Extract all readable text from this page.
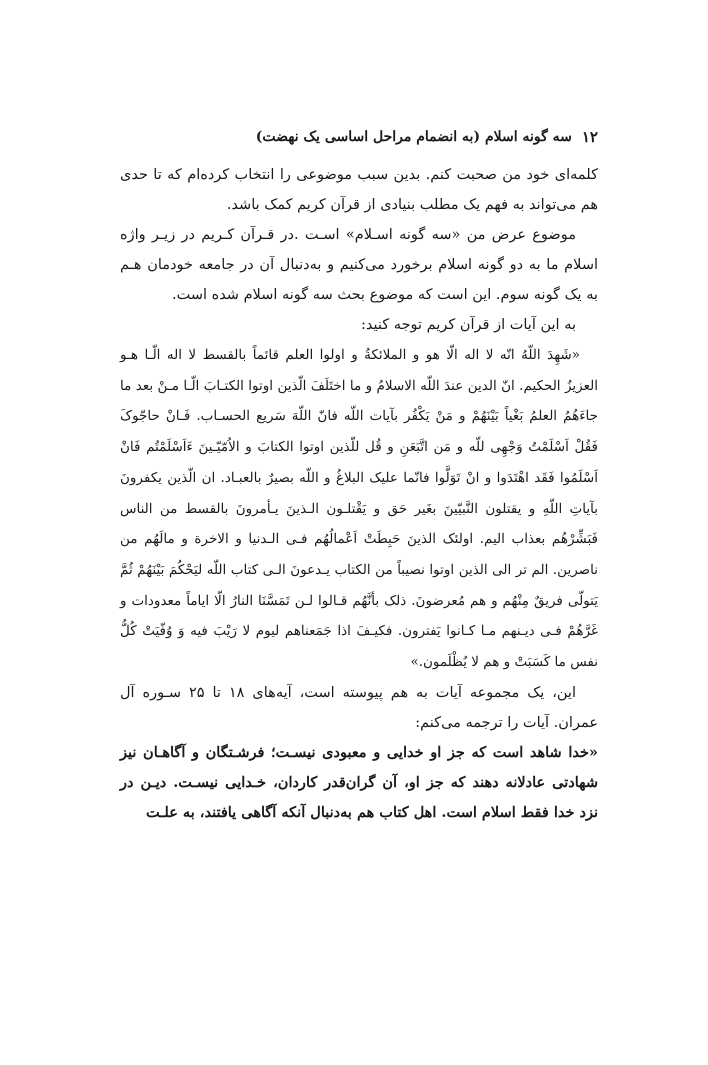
۱۲
سه گونه اسلام (به انضمام مراحل اساسی یک نهضت)

کلمه‌ای خود من صحبت کنم. بدین سبب موضوعی را انتخاب کرده‌ام که تا حدی هم می‌تواند به فهم یک مطلب بنیادی از قرآن کریم کمک باشد.

موضوع عرض من «سه گونه اسـلام» اسـت .در قـرآن کـریم در زیـر واژه اسلام ما به دو گونه اسلام برخورد می‌کنیم و به‌دنبال آن در جامعه خودمان هـم به یک گونه سوم. این است که موضوع بحث سه گونه اسلام شده است.

به این آیات از قرآن کریم توجه کنید:

«شَهِدَ اللّهُ انّه لا اله الّا هو و الملائکةُ و اولوا العلم قائماً بالقسط لا اله الّـا هـو العزیزُ الحکیم. انّ الدین عندَ اللّه الاسلامُ و ما اختَلَفَ الّذین اوتوا الکتـابَ الّـا مـنْ بعد ما جاءَهُمُ العلمُ بَغْیاً بَیْنَهُمْ و مَنْ یَکْفُر بآیات اللّه فانّ اللّهَ سَریع الحسـاب. فَـانْ حاجّوکَ فَقُلْ اَسْلَمْتُ وَجْهِی للّه و مَن اتَّبَعَنِ و قُل للّذین اوتوا الکتابَ و الاُمّیّـینَ ءَاَسْلَمْتُم فَانْ اَسْلَمُوا فَقَد اهْتَدَوا و انْ تَوَلَّوا فانّما علیک البلاغُ و اللّه بصیرٌ بالعبـاد. ان الّذین یکفرونَ بآیاتِ اللّهِ و یقتلون النَّبیّینَ بغَیر حَق و یَقْتلـون الـذینَ یـأمرونَ بالقسط من الناس فَبَشِّرْهُم بعذاب الیم. اولئک الذینَ حَبِطَتْ اَعْمالُهُم فـی الـدنیا و الاخرة و مالَهُم من ناصرین. الم تر الی الذین اوتوا نصیباً من الکتاب یـدعونَ الـی کتاب اللّه لیَحْکُمَ بَیْنَهُمْ ثُمَّ یَتولّی فریقٌ مِنْهُم و هم مُعرضونَ. ذلک بأنَّهُم قـالوا لـن تَمَسَّنَا النارُ الّا ایاماً معدودات و غَرَّهُمْ فـی دیـنهم مـا کـانوا یَفترون. فکیـفَ اذا جَمَعناهم لیوم لا رَیْبَ فیه وَ وُفّیَتْ کُلُّ نفس ما کَسَبَتْ و هم لا یُظْلَمون.»

این، یک مجموعه آیات به هم پیوسته است، آیه‌های ۱۸ تا ۲۵ سـوره آل عمران. آیات را ترجمه می‌کنم:

«خدا شاهد است که جز او خدایی و معبودی نیسـت؛ فرشـتگان و آگاهـان نیز شهادتی عادلانه دهند که جز او، آن گران‌قدر کاردان، خـدایی نیسـت. دیـن در نزد خدا فقط اسلام است. اهل کتاب هم به‌دنبال آنکه آگاهی یافتند، به علـت
